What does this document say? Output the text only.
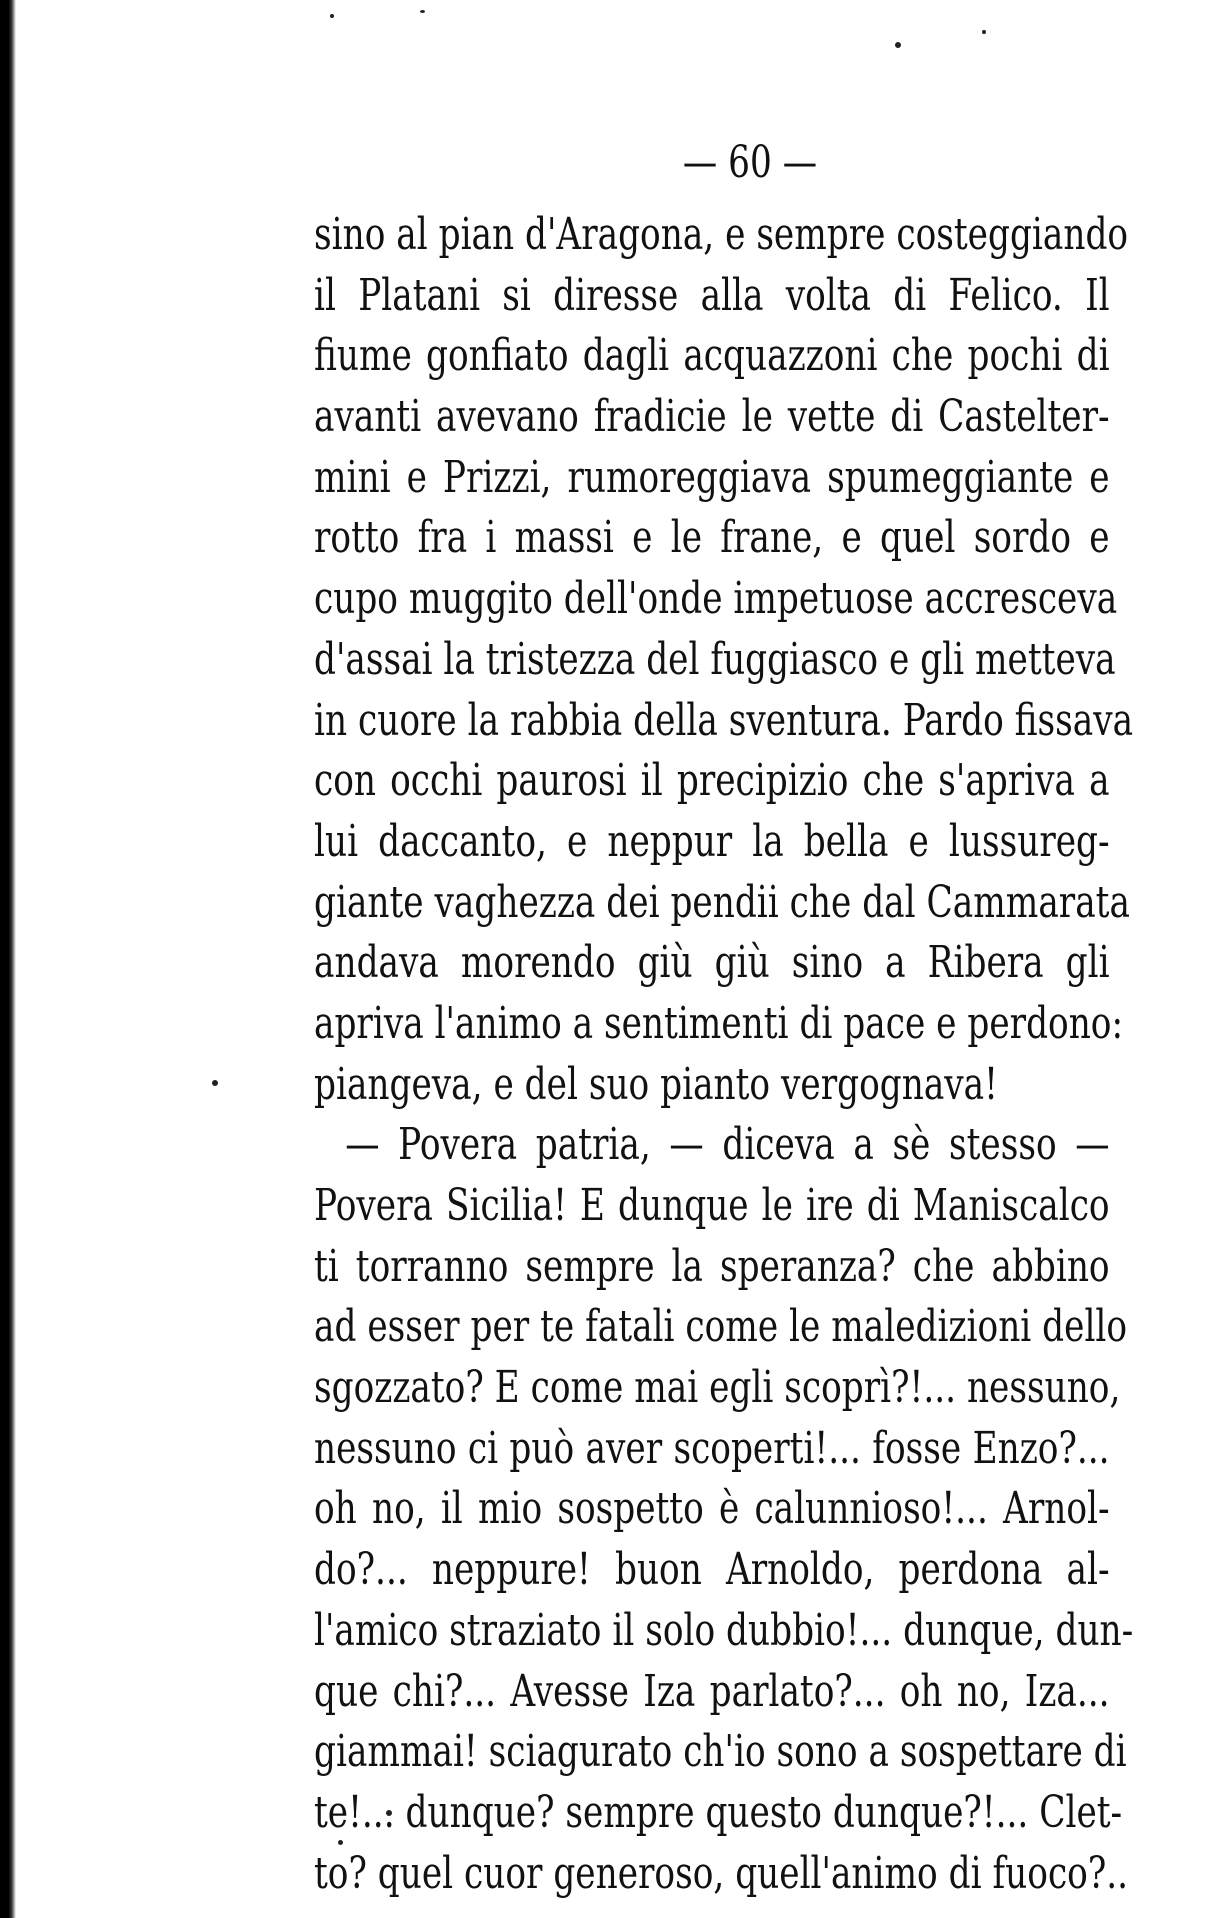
— 60 —
sino al pian d'Aragona, e sempre costeggiando
il Platani si diresse alla volta di Felico. Il
fiume gonfiato dagli acquazzoni che pochi di
avanti avevano fradicie le vette di Castelter-
mini e Prizzi, rumoreggiava spumeggiante e
rotto fra i massi e le frane, e quel sordo e
cupo muggito dell'onde impetuose accresceva
d'assai la tristezza del fuggiasco e gli metteva
in cuore la rabbia della sventura. Pardo fissava
con occhi paurosi il precipizio che s'apriva a
lui daccanto, e neppur la bella e lussureg-
giante vaghezza dei pendii che dal Cammarata
andava morendo giù giù sino a Ribera gli
apriva l'animo a sentimenti di pace e perdono:
piangeva, e del suo pianto vergognava!
— Povera patria, — diceva a sè stesso —
Povera Sicilia! E dunque le ire di Maniscalco
ti torranno sempre la speranza? che abbino
ad esser per te fatali come le maledizioni dello
sgozzato? E come mai egli scoprì?!... nessuno,
nessuno ci può aver scoperti!... fosse Enzo?...
oh no, il mio sospetto è calunnioso!... Arnol-
do?... neppure! buon Arnoldo, perdona al-
l'amico straziato il solo dubbio!... dunque, dun-
que chi?... Avesse Iza parlato?... oh no, Iza...
giammai! sciagurato ch'io sono a sospettare di
te!... dunque? sempre questo dunque?!... Clet-
to? quel cuor generoso, quell'animo di fuoco?..
